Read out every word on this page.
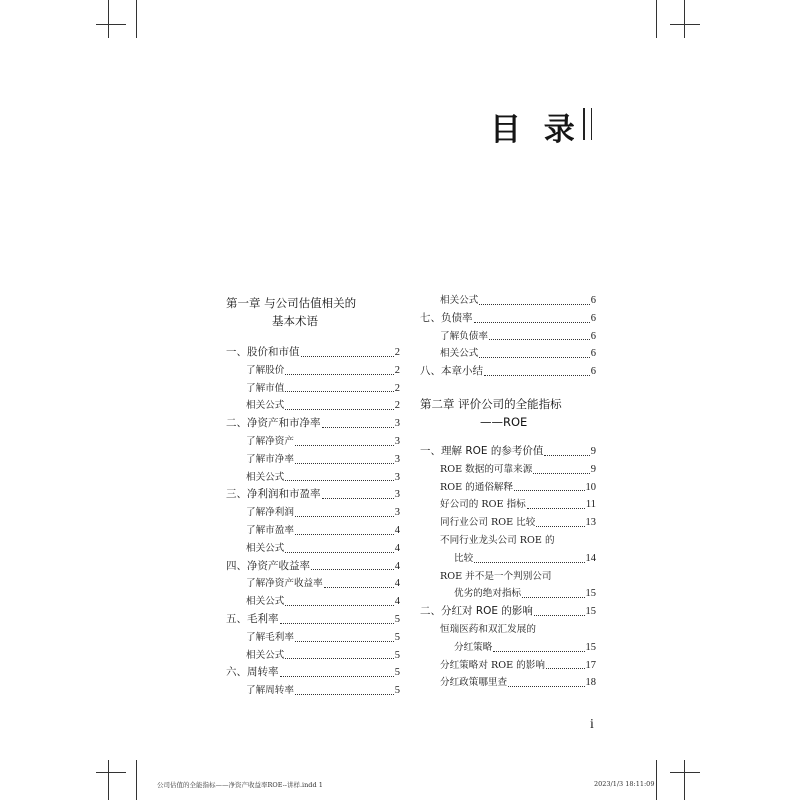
目 录
第一章 与公司估值相关的
基本术语
一、股价和市值	2
了解股价	2
了解市值	2
相关公式	2
二、净资产和市净率	3
了解净资产	3
了解市净率	3
相关公式	3
三、净利润和市盈率	3
了解净利润	3
了解市盈率	4
相关公式	4
四、净资产收益率	4
了解净资产收益率	4
相关公式	4
五、毛利率	5
了解毛利率	5
相关公式	5
六、周转率	5
了解周转率	5
相关公式	6
七、负债率	6
了解负债率	6
相关公式	6
八、本章小结	6
第二章 评价公司的全能指标
——ROE
一、理解 ROE 的参考价值	9
ROE 数据的可靠来源	9
ROE 的通俗解释	10
好公司的 ROE 指标	11
同行业公司 ROE 比较	13
不同行业龙头公司 ROE 的
比较	14
ROE 并不是一个判别公司
优劣的绝对指标	15
二、分红对 ROE 的影响	15
恒瑞医药和双汇发展的
分红策略	15
分红策略对 ROE 的影响	17
分红政策哪里查	18
i
公司估值的全能指标——净资产收益率ROE--讲样.indd 1	2023/1/3 18:11:09
